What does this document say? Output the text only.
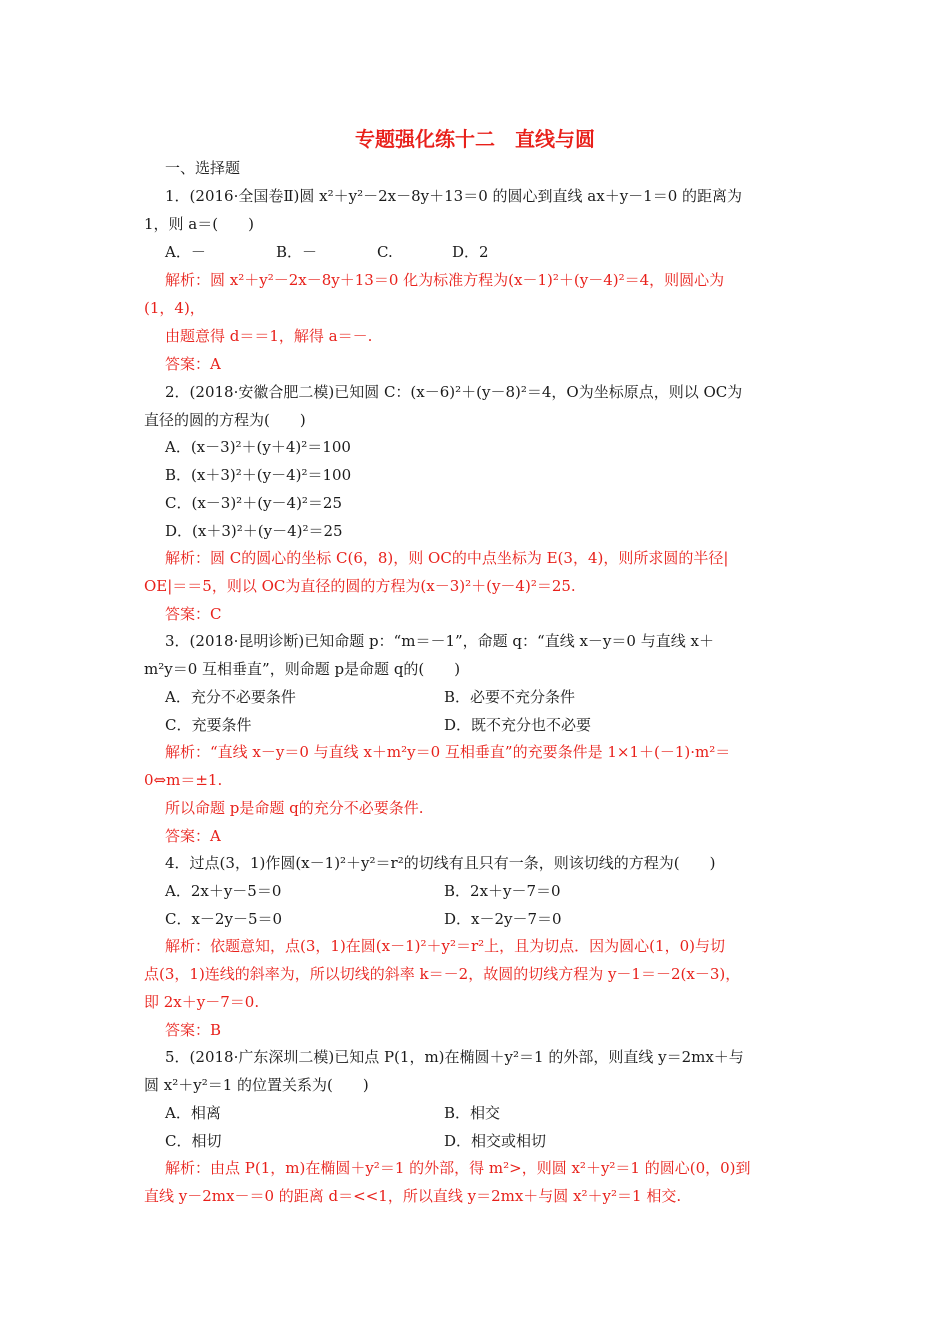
专题强化练十二　直线与圆
一、选择题
1．(2016·全国卷Ⅱ)圆 x²＋y²－2x－8y＋13＝0 的圆心到直线 ax＋y－1＝0 的距离为
1，则 a＝(　　)
A．－	B．－	C.	D．2
解析：圆 x²＋y²－2x－8y＋13＝0 化为标准方程为(x－1)²＋(y－4)²＝4，则圆心为
(1，4)，
由题意得 d＝＝1，解得 a＝－.
答案：A
2．(2018·安徽合肥二模)已知圆 C：(x－6)²＋(y－8)²＝4，O为坐标原点，则以 OC为
直径的圆的方程为(　　)
A．(x－3)²＋(y＋4)²＝100
B．(x＋3)²＋(y－4)²＝100
C．(x－3)²＋(y－4)²＝25
D．(x＋3)²＋(y－4)²＝25
解析：圆 C的圆心的坐标 C(6，8)，则 OC的中点坐标为 E(3，4)，则所求圆的半径|
OE|＝＝5，则以 OC为直径的圆的方程为(x－3)²＋(y－4)²＝25.
答案：C
3．(2018·昆明诊断)已知命题 p：“m＝－1”，命题 q：“直线 x－y＝0 与直线 x＋
m²y＝0 互相垂直”，则命题 p是命题 q的(　　)
A．充分不必要条件	B．必要不充分条件
C．充要条件	D．既不充分也不必要
解析：“直线 x－y＝0 与直线 x＋m²y＝0 互相垂直”的充要条件是 1×1＋(－1)·m²＝
0⇔m＝±1.
所以命题 p是命题 q的充分不必要条件.
答案：A
4．过点(3，1)作圆(x－1)²＋y²＝r²的切线有且只有一条，则该切线的方程为(　　)
A．2x＋y－5＝0	B．2x＋y－7＝0
C．x－2y－5＝0	D．x－2y－7＝0
解析：依题意知，点(3，1)在圆(x－1)²＋y²＝r²上，且为切点．因为圆心(1，0)与切
点(3，1)连线的斜率为，所以切线的斜率 k＝－2，故圆的切线方程为 y－1＝－2(x－3)，
即 2x＋y－7＝0.
答案：B
5．(2018·广东深圳二模)已知点 P(1，m)在椭圆＋y²＝1 的外部，则直线 y＝2mx＋与
圆 x²＋y²＝1 的位置关系为(　　)
A．相离	B．相交
C．相切	D．相交或相切
解析：由点 P(1，m)在椭圆＋y²＝1 的外部，得 m²>，则圆 x²＋y²＝1 的圆心(0，0)到
直线 y－2mx－＝0 的距离 d＝<<1，所以直线 y＝2mx＋与圆 x²＋y²＝1 相交.
